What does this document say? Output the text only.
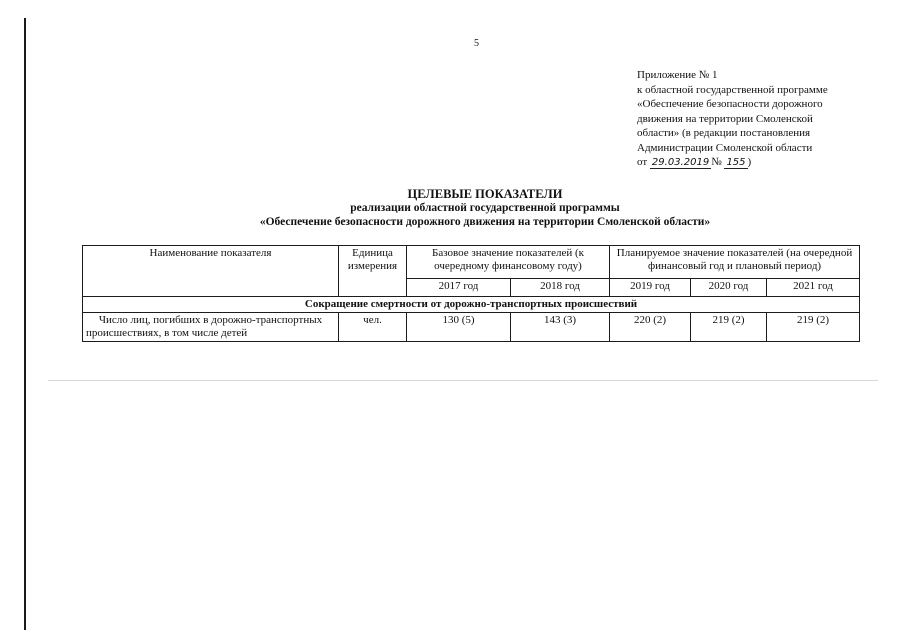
5
Приложение № 1
к областной государственной программе
«Обеспечение безопасности дорожного
движения на территории Смоленской
области» (в редакции постановления
Администрации Смоленской области
от 29.03.2019 № 155 )
ЦЕЛЕВЫЕ ПОКАЗАТЕЛИ
реализации областной государственной программы
«Обеспечение безопасности дорожного движения на территории Смоленской области»
Наименование показателя	Единица измерения	Базовое значение показателей (к очередному финансовому году)		Планируемое значение показателей (на очередной финансовый год и плановый период)		
		2017 год	2018 год	2019 год	2020 год	2021 год
Сокращение смертности от дорожно-транспортных происшествий						
Число лиц, погибших в дорожно-транспортных происшествиях, в том числе детей	чел.	130 (5)	143 (3)	220 (2)	219 (2)	219 (2)
